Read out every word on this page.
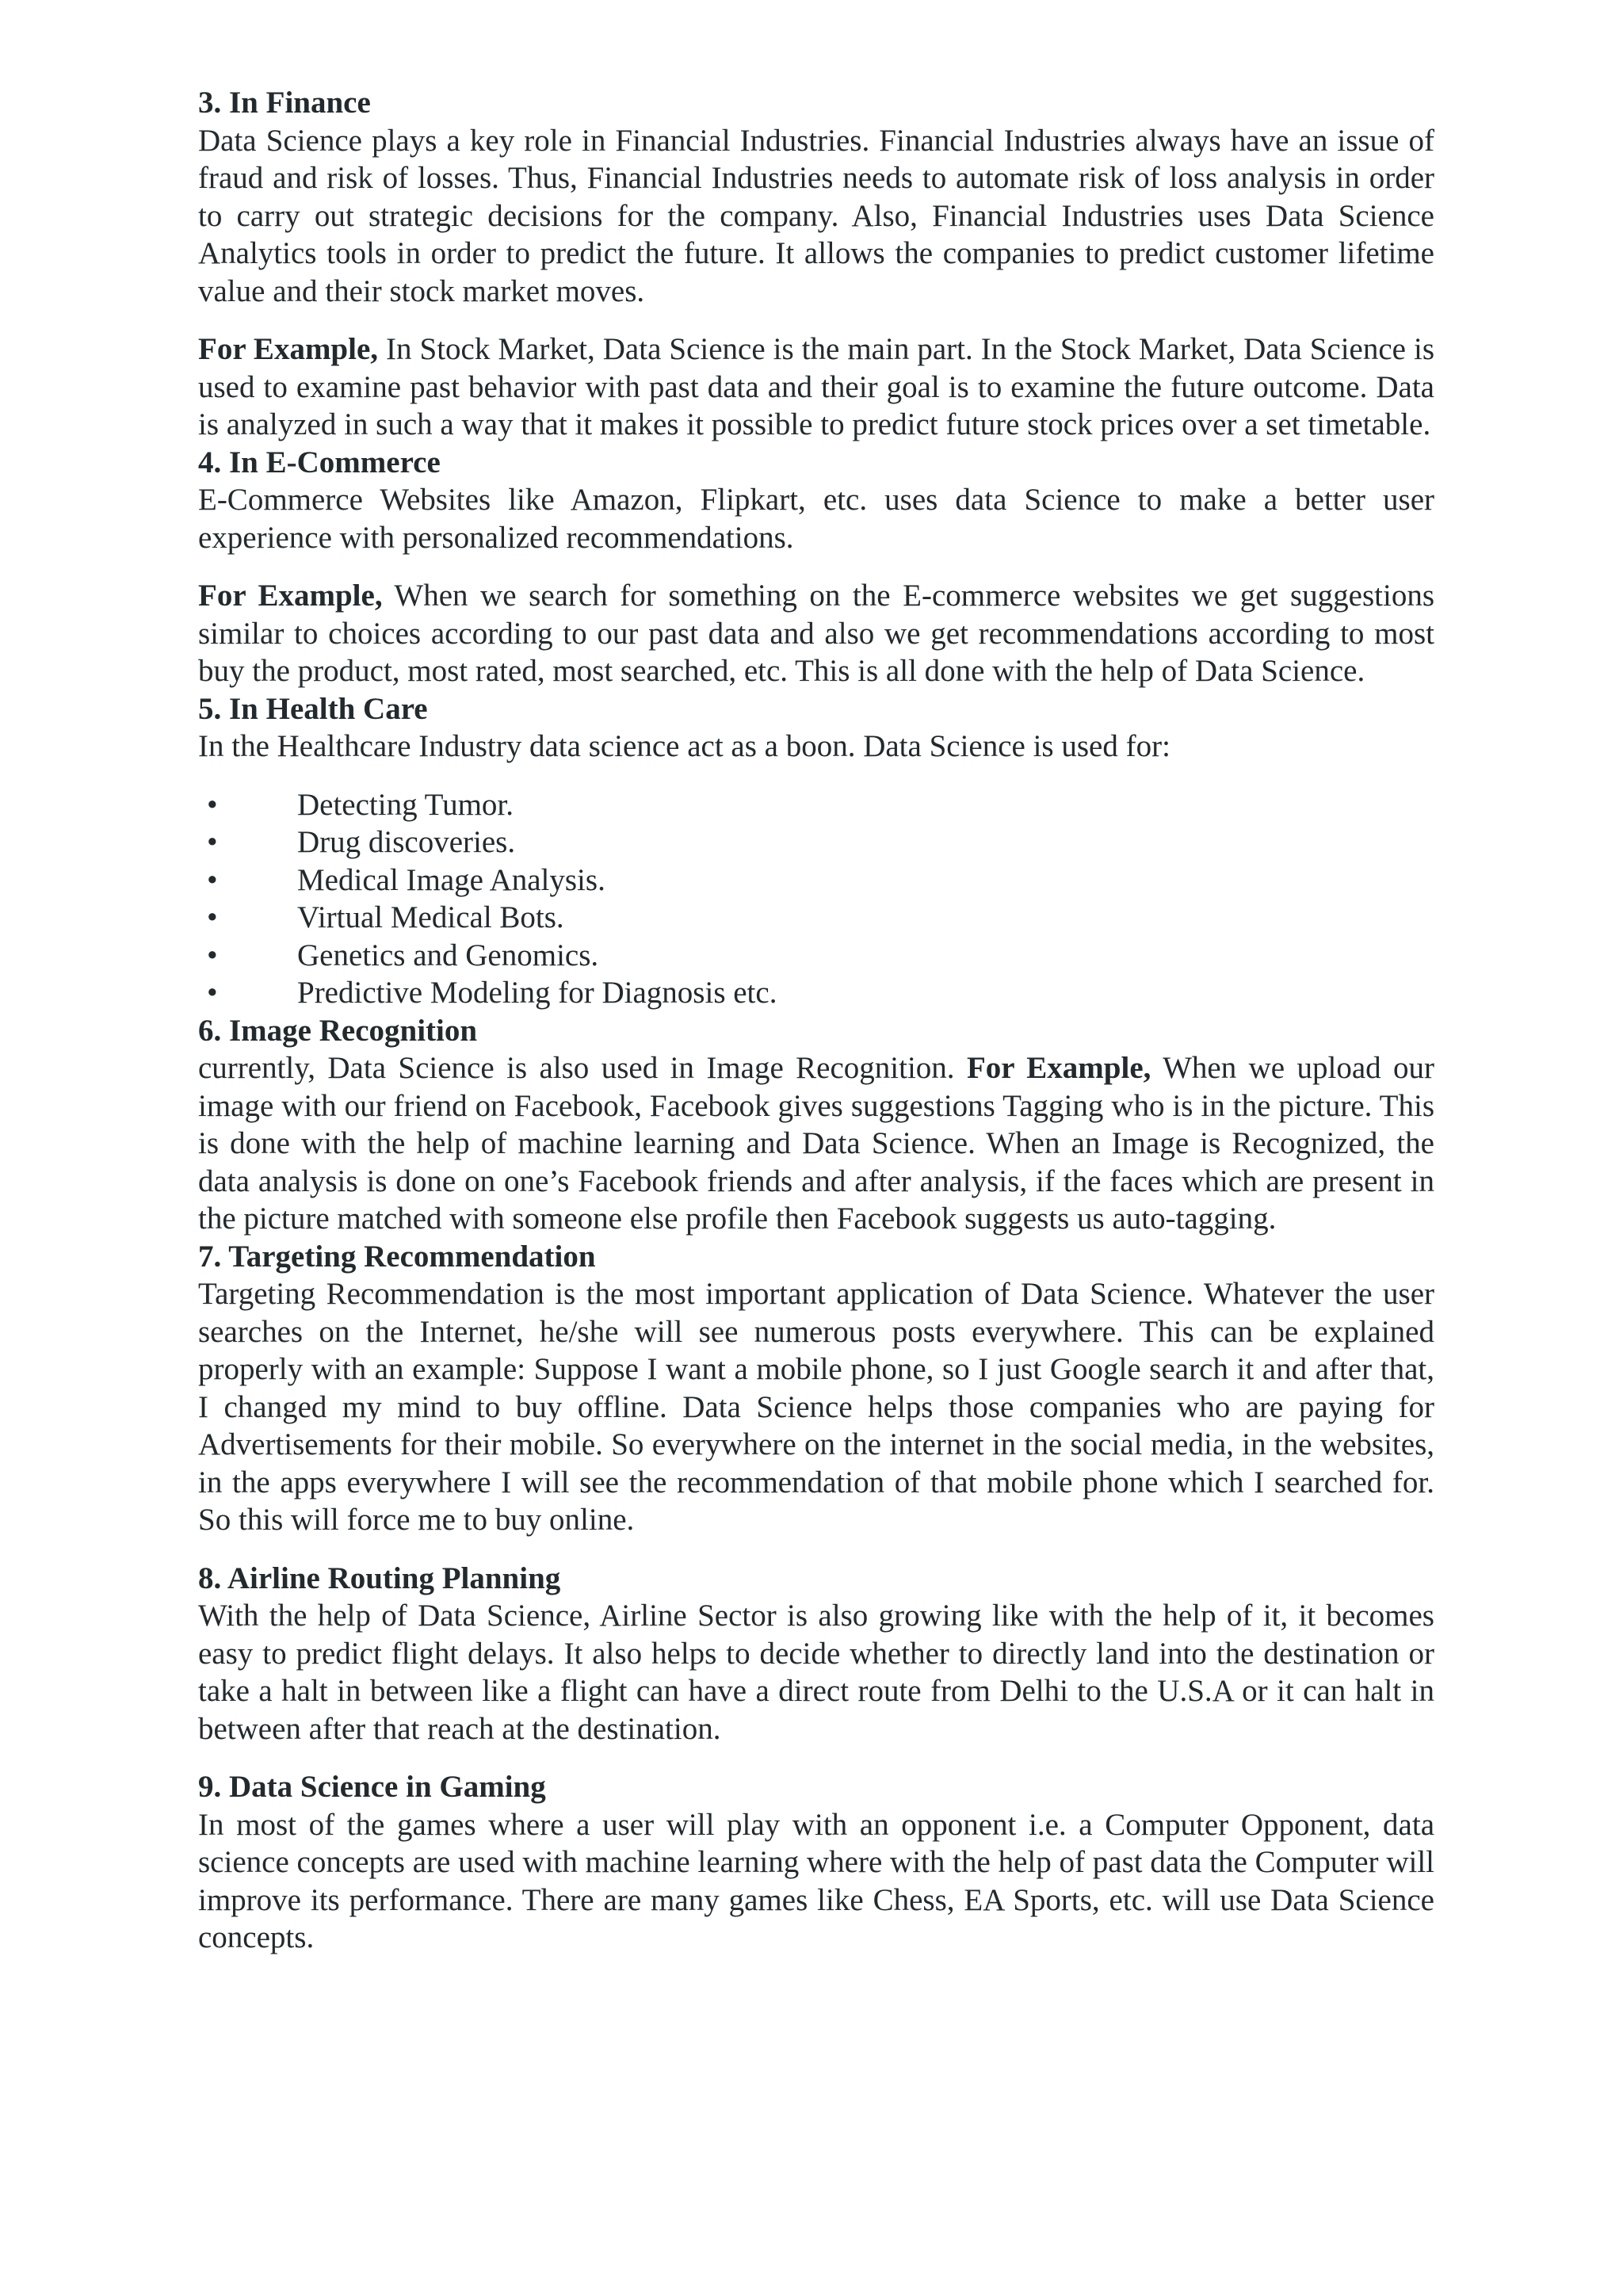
3. In Finance

Data Science plays a key role in Financial Industries. Financial Industries always have an issue of fraud and risk of losses. Thus, Financial Industries needs to automate risk of loss analysis in order to carry out strategic decisions for the company. Also, Financial Industries uses Data Science Analytics tools in order to predict the future. It allows the companies to predict customer lifetime value and their stock market moves.

For Example, In Stock Market, Data Science is the main part. In the Stock Market, Data Science is used to examine past behavior with past data and their goal is to examine the future outcome. Data is analyzed in such a way that it makes it possible to predict future stock prices over a set timetable.

4. In E-Commerce

E-Commerce Websites like Amazon, Flipkart, etc. uses data Science to make a better user experience with personalized recommendations.

For Example, When we search for something on the E-commerce websites we get suggestions similar to choices according to our past data and also we get recommendations according to most buy the product, most rated, most searched, etc. This is all done with the help of Data Science.

5. In Health Care

In the Healthcare Industry data science act as a boon. Data Science is used for:

•	Detecting Tumor.
•	Drug discoveries.
•	Medical Image Analysis.
•	Virtual Medical Bots.
•	Genetics and Genomics.
•	Predictive Modeling for Diagnosis etc.
6. Image Recognition

currently, Data Science is also used in Image Recognition. For Example, When we upload our image with our friend on Facebook, Facebook gives suggestions Tagging who is in the picture. This is done with the help of machine learning and Data Science. When an Image is Recognized, the data analysis is done on one’s Facebook friends and after analysis, if the faces which are present in the picture matched with someone else profile then Facebook suggests us auto-tagging.

7. Targeting Recommendation

Targeting Recommendation is the most important application of Data Science. Whatever the user searches on the Internet, he/she will see numerous posts everywhere. This can be explained properly with an example: Suppose I want a mobile phone, so I just Google search it and after that, I changed my mind to buy offline. Data Science helps those companies who are paying for Advertisements for their mobile. So everywhere on the internet in the social media, in the websites, in the apps everywhere I will see the recommendation of that mobile phone which I searched for. So this will force me to buy online.

8. Airline Routing Planning

With the help of Data Science, Airline Sector is also growing like with the help of it, it becomes easy to predict flight delays. It also helps to decide whether to directly land into the destination or take a halt in between like a flight can have a direct route from Delhi to the U.S.A or it can halt in between after that reach at the destination.

9. Data Science in Gaming

In most of the games where a user will play with an opponent i.e. a Computer Opponent, data science concepts are used with machine learning where with the help of past data the Computer will improve its performance. There are many games like Chess, EA Sports, etc. will use Data Science concepts.
